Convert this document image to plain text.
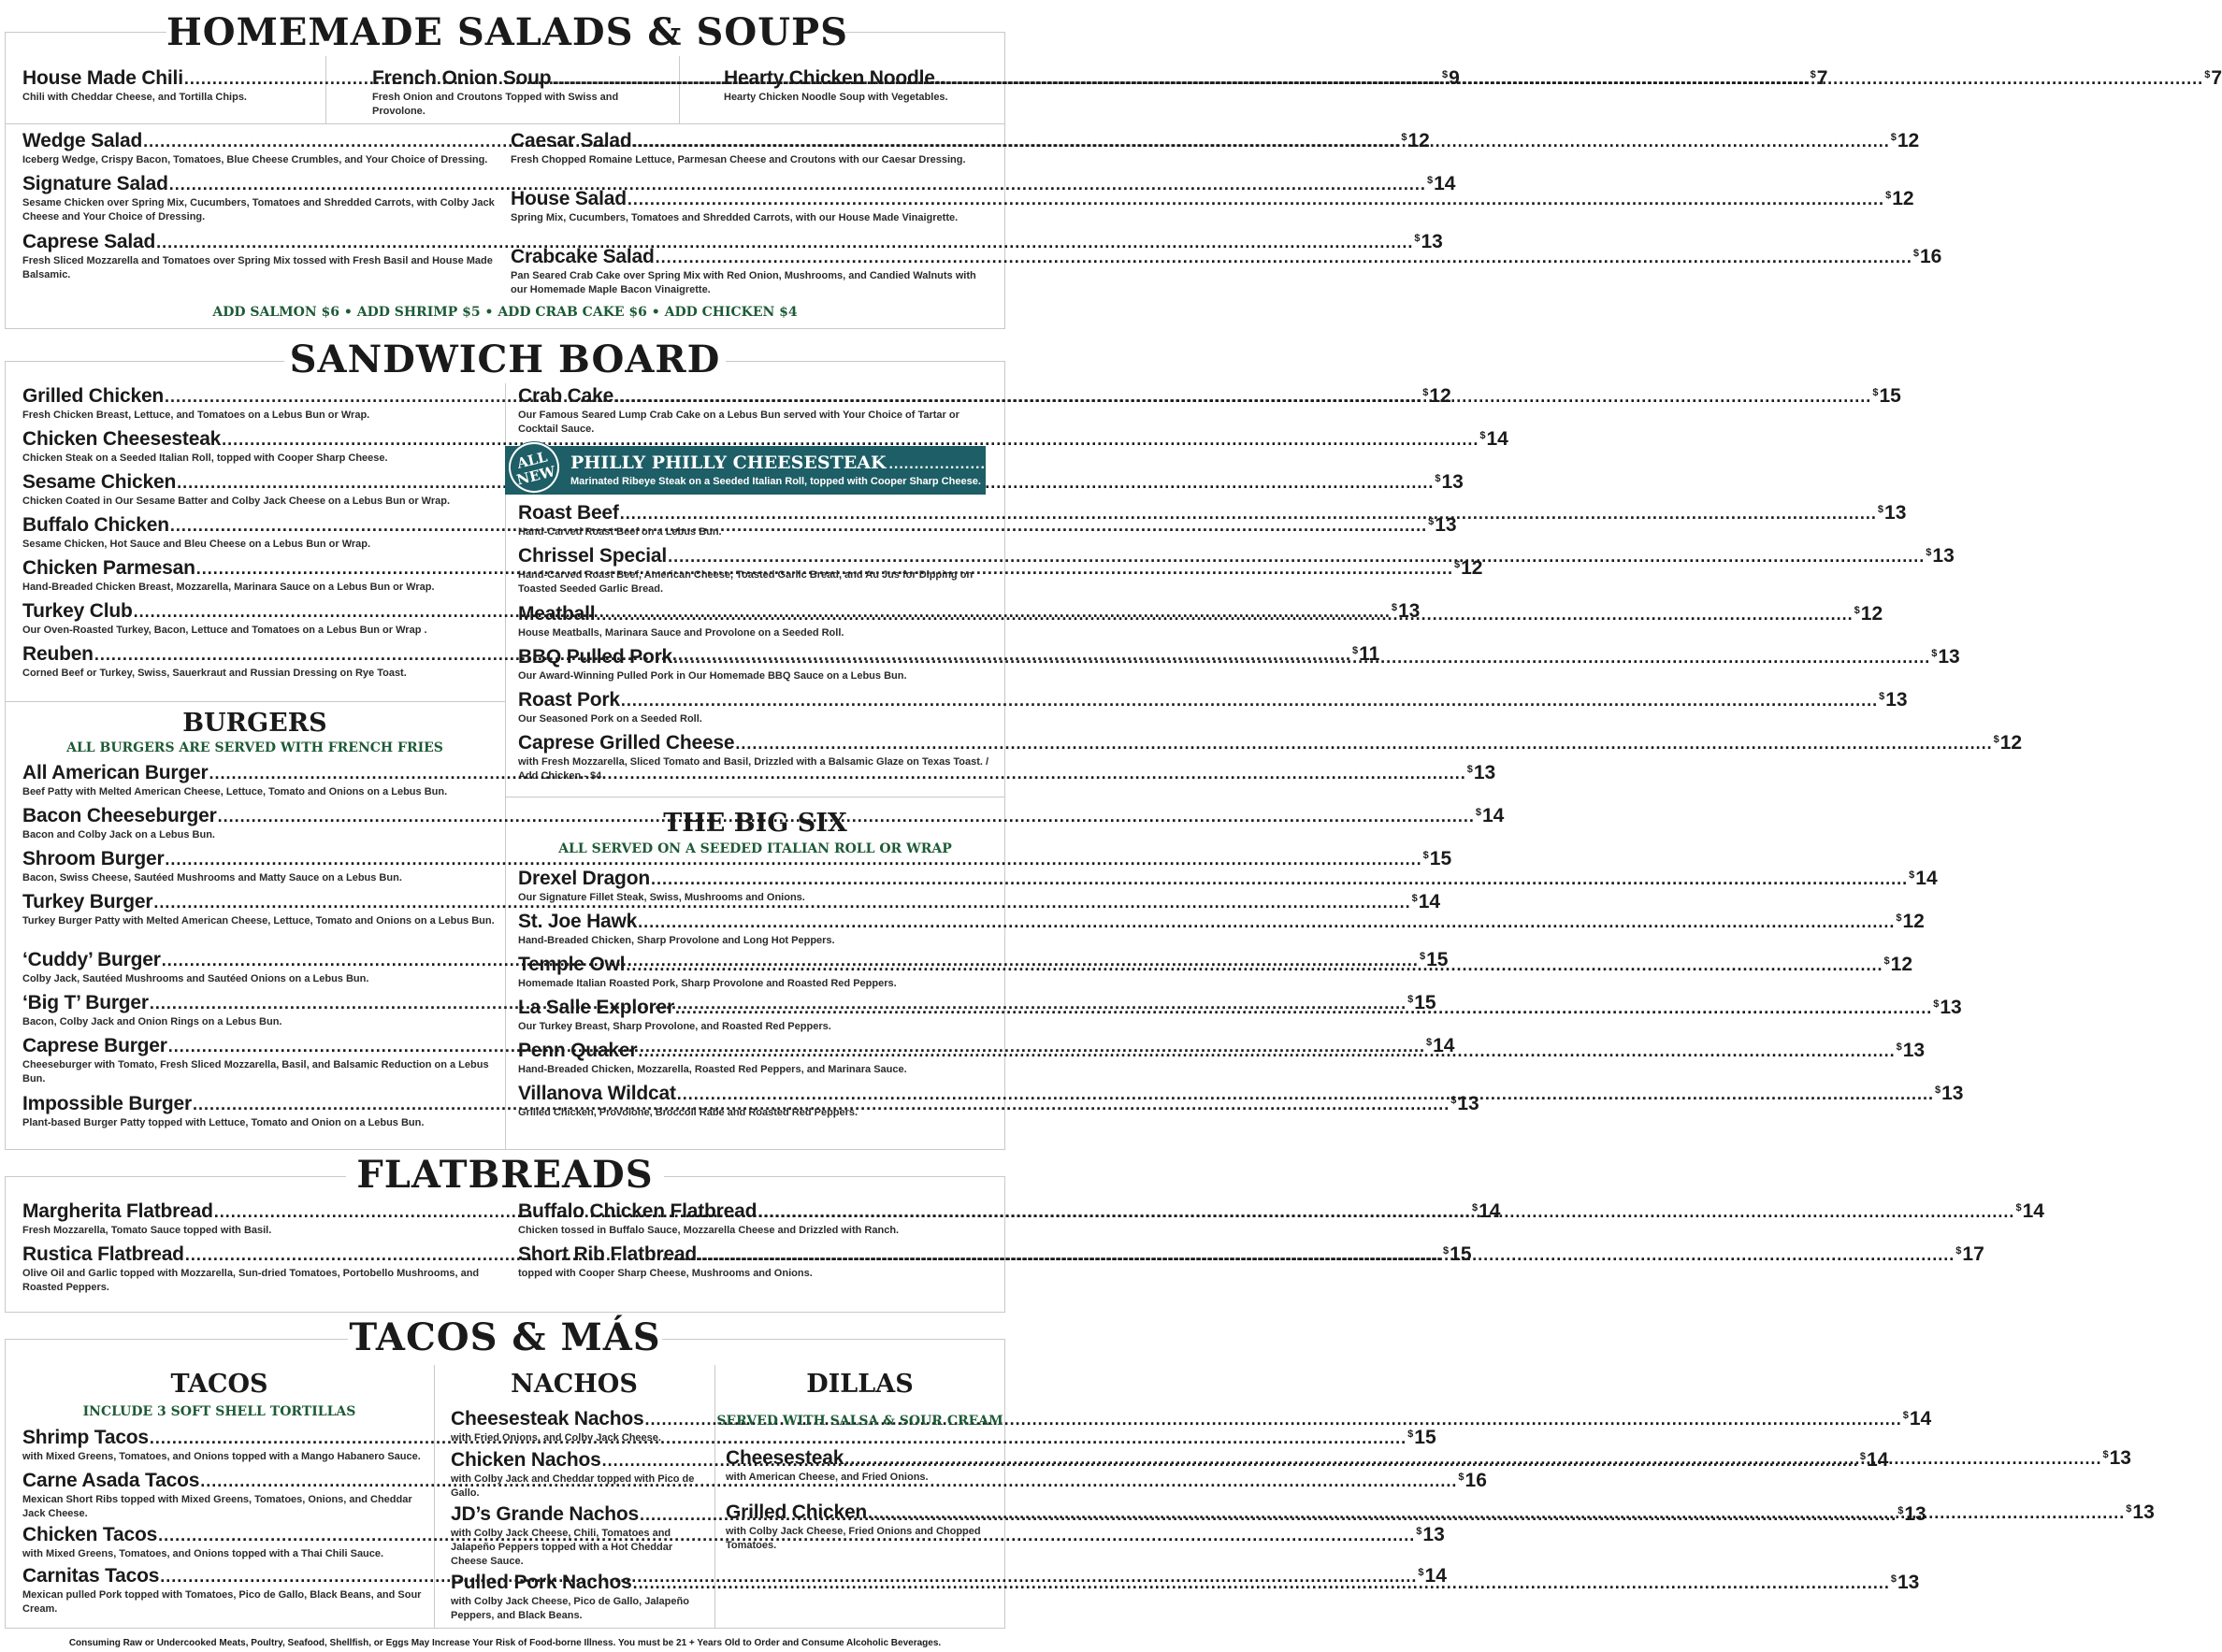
HOMEMADE SALADS & SOUPS
House Made Chili .....	$9
Chili with Cheddar Cheese, and Tortilla Chips.
French Onion Soup .....	$7
Fresh Onion and Croutons Topped with Swiss and Provolone.
Hearty Chicken Noodle.. .....	$7
Hearty Chicken Noodle Soup with Vegetables.
Wedge Salad .....	$12
Iceberg Wedge, Crispy Bacon, Tomatoes, Blue Cheese Crumbles, and Your Choice of Dressing.
Signature Salad .....	$14
Sesame Chicken over Spring Mix, Cucumbers, Tomatoes and Shredded Carrots, with Colby Jack Cheese and Your Choice of Dressing.
Caprese Salad .....	$13
Fresh Sliced Mozzarella and Tomatoes over Spring Mix tossed with Fresh Basil and House Made Balsamic.
Caesar Salad .....	$12
Fresh Chopped Romaine Lettuce, Parmesan Cheese and Croutons with our Caesar Dressing.
House Salad .....	$12
Spring Mix, Cucumbers, Tomatoes and Shredded Carrots, with our House Made Vinaigrette.
Crabcake Salad .....	$16
Pan Seared Crab Cake over Spring Mix with Red Onion, Mushrooms, and Candied Walnuts with our Homemade Maple Bacon Vinaigrette.
ADD SALMON $6 • ADD SHRIMP $5 • ADD CRAB CAKE $6 • ADD CHICKEN $4
SANDWICH BOARD
Grilled Chicken .....	$12
Fresh Chicken Breast, Lettuce, and Tomatoes on a Lebus Bun or Wrap.
Chicken Cheesesteak .....	$14
Chicken Steak on a Seeded Italian Roll, topped with Cooper Sharp Cheese.
Sesame Chicken .....	$13
Chicken Coated in Our Sesame Batter and Colby Jack Cheese on a Lebus Bun or Wrap.
Buffalo Chicken .....	$13
Sesame Chicken, Hot Sauce and Bleu Cheese on a Lebus Bun or Wrap.
Chicken Parmesan .....	$12
Hand-Breaded Chicken Breast, Mozzarella, Marinara Sauce on a Lebus Bun or Wrap.
Turkey Club .....	$13
Our Oven-Roasted Turkey, Bacon, Lettuce and Tomatoes on a Lebus Bun or Wrap .
Reuben .....	$11
Corned Beef or Turkey, Swiss, Sauerkraut and Russian Dressing on Rye Toast.
Crab Cake .....	$15
Our Famous Seared Lump Crab Cake on a Lebus Bun served with Your Choice of Tartar or Cocktail Sauce.
PHILLY PHILLY CHEESESTEAK .................................................................. $14
Marinated Ribeye Steak on a Seeded Italian Roll, topped with Cooper Sharp Cheese.
ALL NEW
Roast Beef .....	$13
Hand-Carved Roast Beef on a Lebus Bun.
Chrissel Special .....	$13
Hand-Carved Roast Beef, American Cheese, Toasted Garlic Bread, and Au Jus for Dipping on Toasted Seeded Garlic Bread.
Meatball .....	$12
House Meatballs, Marinara Sauce and Provolone on a Seeded Roll.
BBQ Pulled Pork .....	$13
Our Award-Winning Pulled Pork in Our Homemade BBQ Sauce on a Lebus Bun.
Roast Pork .....	$13
Our Seasoned Pork on a Seeded Roll.
Caprese Grilled Cheese .....	$12
with Fresh Mozzarella, Sliced Tomato and Basil, Drizzled with a Balsamic Glaze on Texas Toast. / Add Chicken - $4
BURGERS
ALL BURGERS ARE SERVED WITH FRENCH FRIES
All American Burger .....	$13
Beef Patty with Melted American Cheese, Lettuce, Tomato and Onions on a Lebus Bun.
Bacon Cheeseburger .....	$14
Bacon and Colby Jack on a Lebus Bun.
Shroom Burger .....	$15
Bacon, Swiss Cheese, Sautéed Mushrooms and Matty Sauce on a Lebus Bun.
Turkey Burger .....	$14
Turkey Burger Patty with Melted American Cheese, Lettuce, Tomato and Onions on a Lebus Bun.
‘Cuddy’ Burger .....	$15
Colby Jack, Sautéed Mushrooms and Sautéed Onions on a Lebus Bun.
‘Big T’ Burger .....	$15
Bacon, Colby Jack and Onion Rings on a Lebus Bun.
Caprese Burger .....	$14
Cheeseburger with Tomato, Fresh Sliced Mozzarella, Basil, and Balsamic Reduction on a Lebus Bun.
Impossible Burger .....	$13
Plant-based Burger Patty topped with Lettuce, Tomato and Onion on a Lebus Bun.
THE BIG SIX
ALL SERVED ON A SEEDED ITALIAN ROLL OR WRAP
Drexel Dragon .....	$14
Our Signature Fillet Steak, Swiss, Mushrooms and Onions.
St. Joe Hawk .....	$12
Hand-Breaded Chicken, Sharp Provolone and Long Hot Peppers.
Temple Owl .....	$12
Homemade Italian Roasted Pork, Sharp Provolone and Roasted Red Peppers.
La Salle Explorer .....	$13
Our Turkey Breast, Sharp Provolone, and Roasted Red Peppers.
Penn Quaker .....	$13
Hand-Breaded Chicken, Mozzarella, Roasted Red Peppers, and Marinara Sauce.
Villanova Wildcat .....	$13
Grilled Chicken, Provolone, Broccoli Rabe and Roasted Red Peppers.
FLATBREADS
Margherita Flatbread .....	$14
Fresh Mozzarella, Tomato Sauce topped with Basil.
Rustica Flatbread .....	$15
Olive Oil and Garlic topped with Mozzarella, Sun-dried Tomatoes, Portobello Mushrooms, and Roasted Peppers.
Buffalo Chicken Flatbread .....	$14
Chicken tossed in Buffalo Sauce, Mozzarella Cheese and Drizzled with Ranch.
Short Rib Flatbread .....	$17
topped with Cooper Sharp Cheese, Mushrooms and Onions.
TACOS & MÁS
TACOS
INCLUDE 3 SOFT SHELL TORTILLAS
Shrimp Tacos .....	$15
with Mixed Greens, Tomatoes, and Onions topped with a Mango Habanero Sauce.
Carne Asada Tacos .....	$16
Mexican Short Ribs topped with Mixed Greens, Tomatoes, Onions, and Cheddar Jack Cheese.
Chicken Tacos .....	$13
with Mixed Greens, Tomatoes, and Onions topped with a Thai Chili Sauce.
Carnitas Tacos .....	$14
Mexican pulled Pork topped with Tomatoes, Pico de Gallo, Black Beans, and Sour Cream.
NACHOS
Cheesesteak Nachos .....	$14
with Fried Onions, and Colby Jack Cheese.
Chicken Nachos .....	$14
with Colby Jack and Cheddar topped with Pico de Gallo.
JD’s Grande Nachos .....	$13
with Colby Jack Cheese, Chili, Tomatoes and Jalapeño Peppers topped with a Hot Cheddar Cheese Sauce.
Pulled Pork Nachos .....	$13
with Colby Jack Cheese, Pico de Gallo, Jalapeño Peppers, and Black Beans.
DILLAS
SERVED WITH SALSA & SOUR CREAM
Cheesesteak .....	$13
with American Cheese, and Fried Onions.
Grilled Chicken .....	$13
with Colby Jack Cheese, Fried Onions and Chopped Tomatoes.
Consuming Raw or Undercooked Meats, Poultry, Seafood, Shellfish, or Eggs May Increase Your Risk of Food-borne Illness. You must be 21 + Years Old to Order and Consume Alcoholic Beverages.
